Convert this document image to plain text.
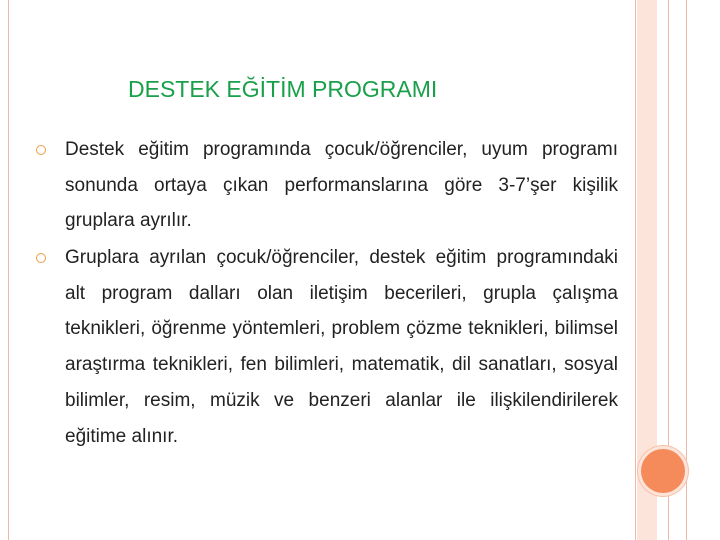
DESTEK EĞİTİM PROGRAMI
Destek eğitim programında çocuk/öğrenciler, uyum programı sonunda ortaya çıkan performanslarına göre 3-7’şer kişilik gruplara ayrılır.
Gruplara ayrılan çocuk/öğrenciler, destek eğitim programındaki alt program dalları olan iletişim becerileri, grupla çalışma teknikleri, öğrenme yöntemleri, problem çözme teknikleri, bilimsel araştırma teknikleri, fen bilimleri, matematik, dil sanatları, sosyal bilimler, resim, müzik ve benzeri alanlar ile ilişkilendirilerek eğitime alınır.
